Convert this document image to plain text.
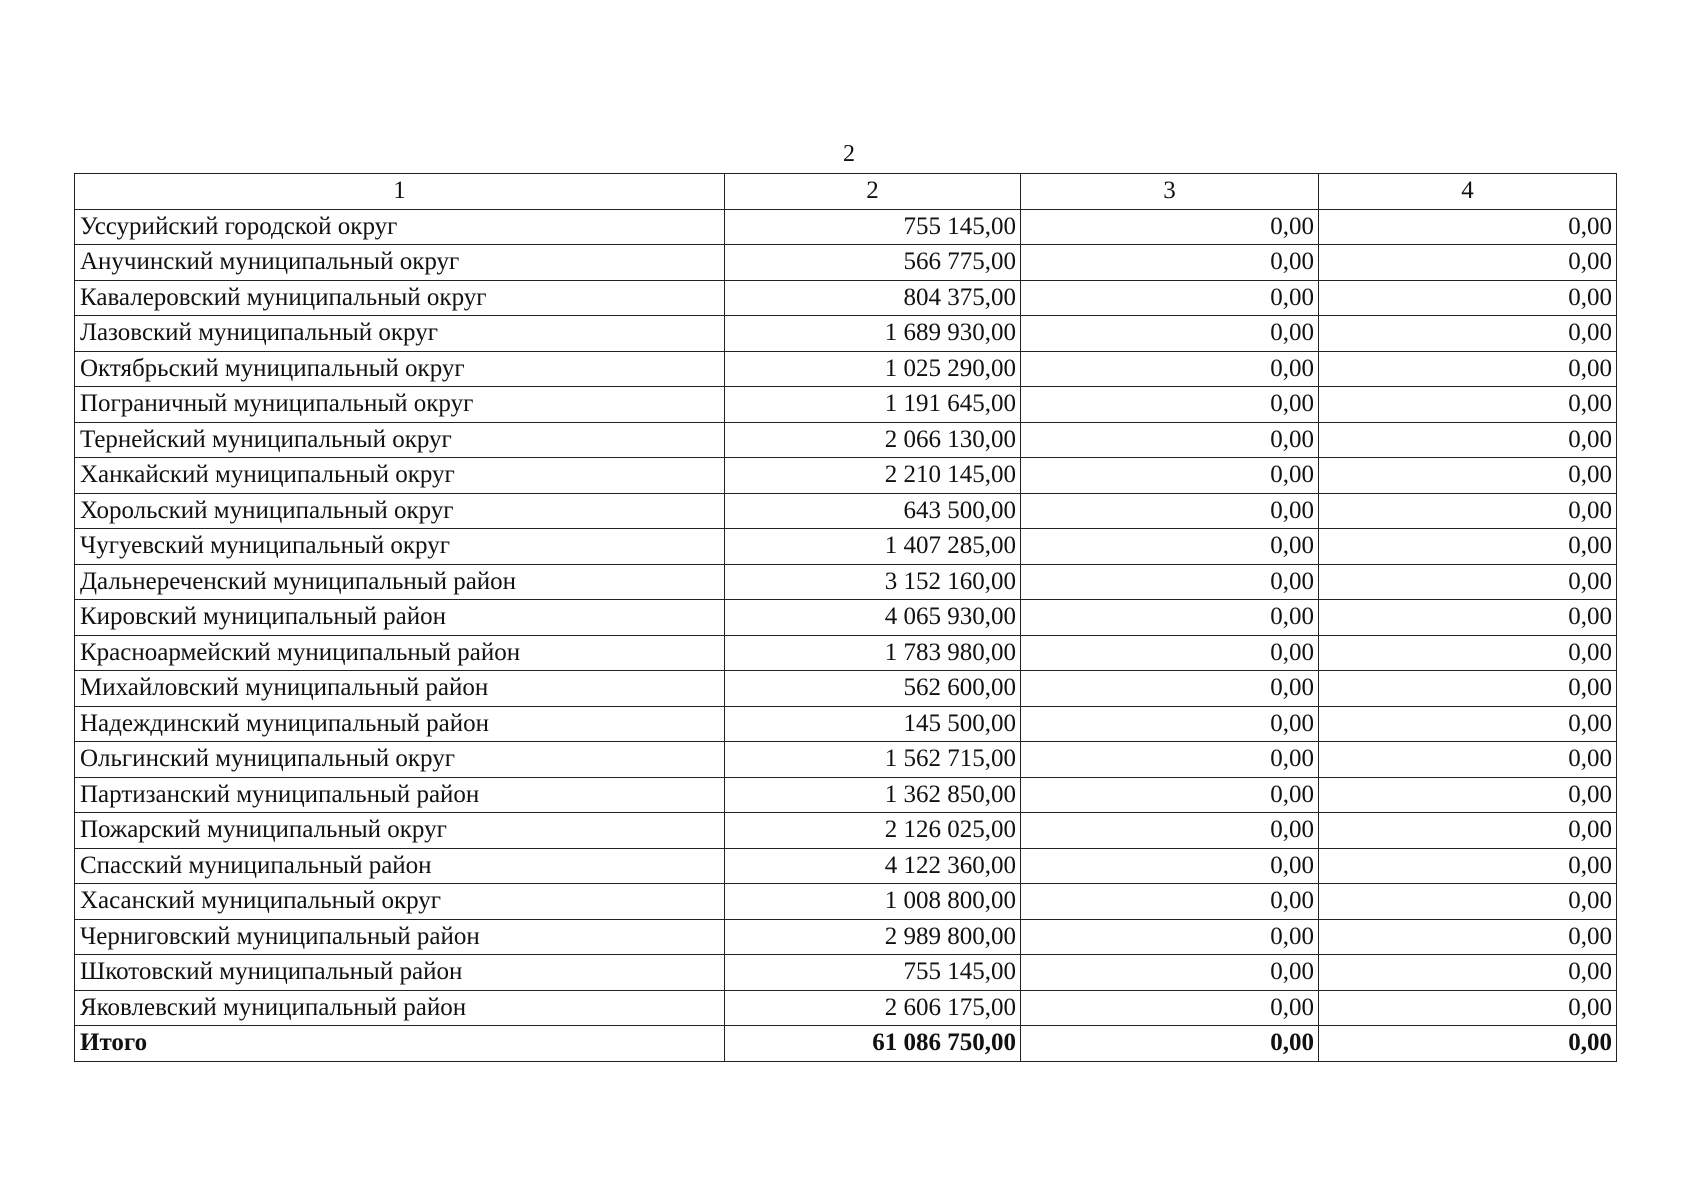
2
1	2	3	4
Уссурийский городской округ	755 145,00	0,00	0,00
Анучинский муниципальный округ	566 775,00	0,00	0,00
Кавалеровский муниципальный округ	804 375,00	0,00	0,00
Лазовский муниципальный округ	1 689 930,00	0,00	0,00
Октябрьский муниципальный округ	1 025 290,00	0,00	0,00
Пограничный муниципальный округ	1 191 645,00	0,00	0,00
Тернейский муниципальный округ	2 066 130,00	0,00	0,00
Ханкайский муниципальный округ	2 210 145,00	0,00	0,00
Хорольский муниципальный округ	643 500,00	0,00	0,00
Чугуевский муниципальный округ	1 407 285,00	0,00	0,00
Дальнереченский муниципальный район	3 152 160,00	0,00	0,00
Кировский муниципальный район	4 065 930,00	0,00	0,00
Красноармейский муниципальный район	1 783 980,00	0,00	0,00
Михайловский муниципальный район	562 600,00	0,00	0,00
Надеждинский муниципальный район	145 500,00	0,00	0,00
Ольгинский муниципальный округ	1 562 715,00	0,00	0,00
Партизанский муниципальный район	1 362 850,00	0,00	0,00
Пожарский муниципальный округ	2 126 025,00	0,00	0,00
Спасский муниципальный район	4 122 360,00	0,00	0,00
Хасанский муниципальный округ	1 008 800,00	0,00	0,00
Черниговский муниципальный район	2 989 800,00	0,00	0,00
Шкотовский муниципальный район	755 145,00	0,00	0,00
Яковлевский муниципальный район	2 606 175,00	0,00	0,00
Итого	61 086 750,00	0,00	0,00
